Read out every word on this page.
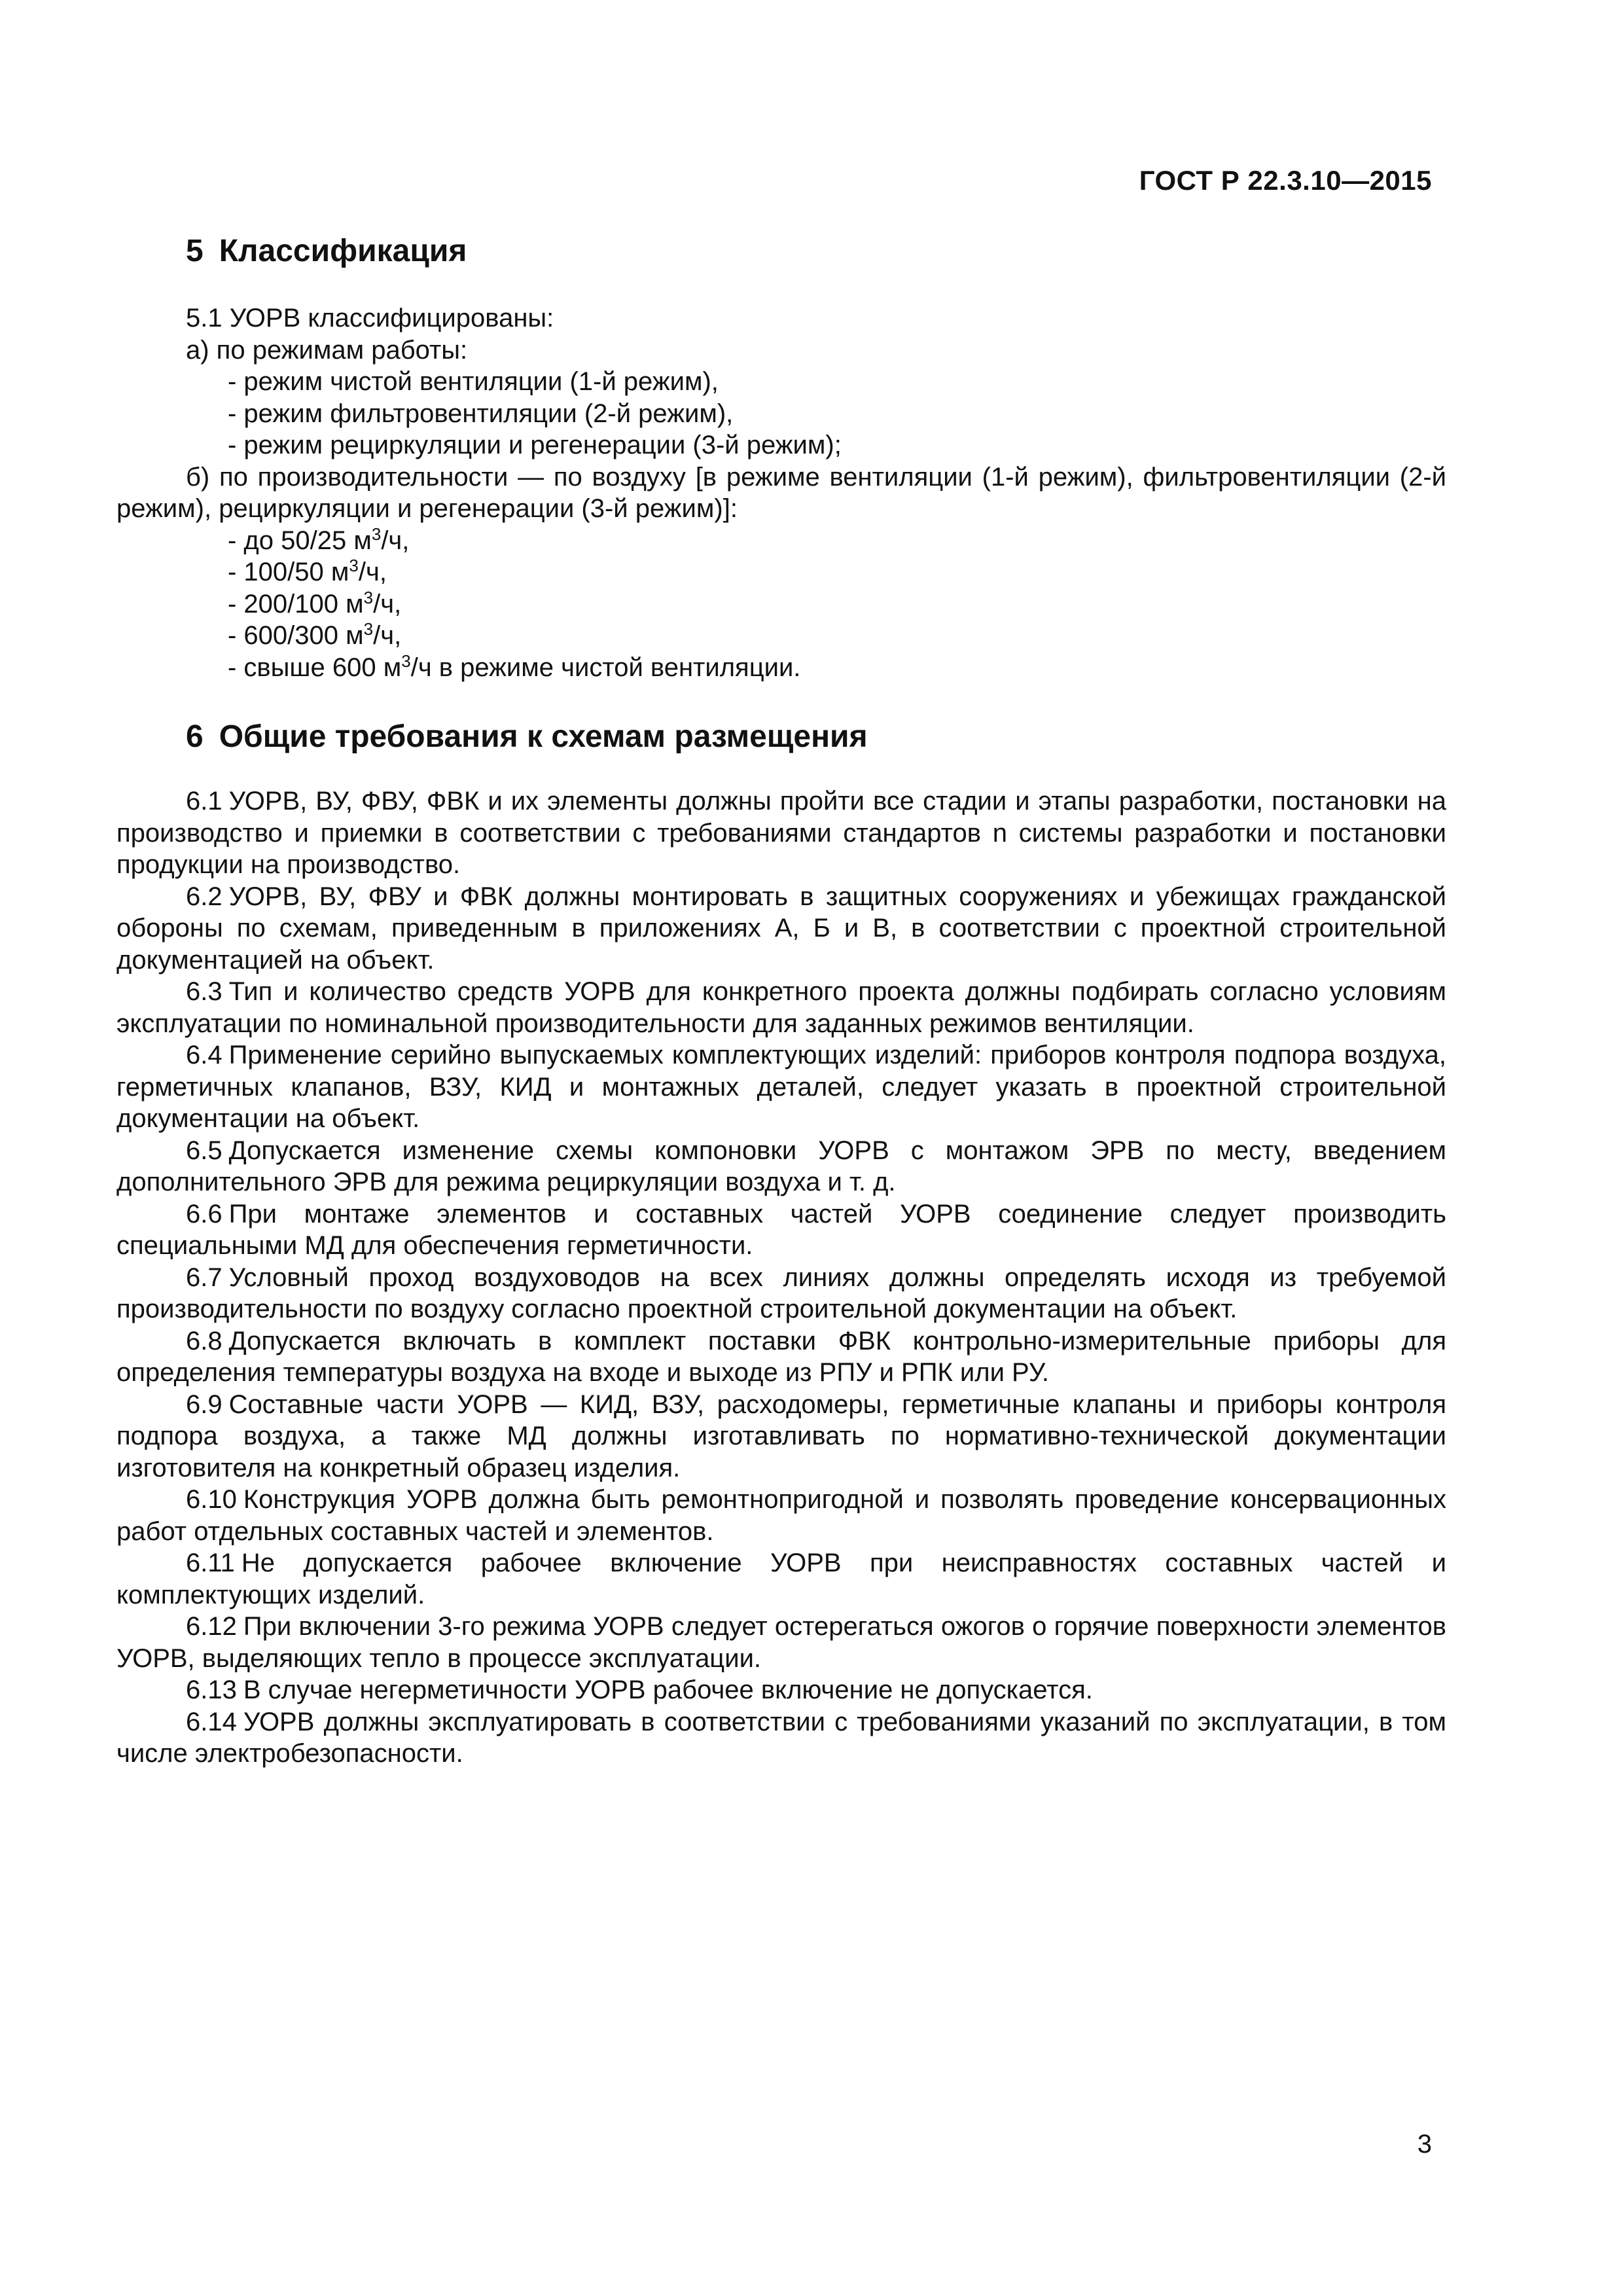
ГОСТ Р 22.3.10—2015
5 Классификация

5.1 УОРВ классифицированы:

а) по режимам работы:

- режим чистой вентиляции (1-й режим),

- режим фильтровентиляции (2-й режим),

- режим рециркуляции и регенерации (3-й режим);

б) по производительности — по воздуху [в режиме вентиляции (1-й режим), фильтровентиляции (2-й режим), рециркуляции и регенерации (3-й режим)]:

- до 50/25 $м^3/ч$,

- 100/50 $м^3/ч$,

- 200/100 $м^3/ч$,

- 600/300 $м^3/ч$,

- свыше 600 $м^3/ч$ в режиме чистой вентиляции.

6 Общие требования к схемам размещения

6.1 УОРВ, ВУ, ФВУ, ФВК и их элементы должны пройти все стадии и этапы разработки, постановки на производство и приемки в соответствии с требованиями стандартов n системы разработки и постановки продукции на производство.

6.2 УОРВ, ВУ, ФВУ и ФВК должны монтировать в защитных сооружениях и убежищах гражданской обороны по схемам, приведенным в приложениях А, Б и В, в соответствии с проектной строительной документацией на объект.

6.3 Тип и количество средств УОРВ для конкретного проекта должны подбирать согласно условиям эксплуатации по номинальной производительности для заданных режимов вентиляции.

6.4 Применение серийно выпускаемых комплектующих изделий: приборов контроля подпора воздуха, герметичных клапанов, ВЗУ, КИД и монтажных деталей, следует указать в проектной строительной документации на объект.

6.5 Допускается изменение схемы компоновки УОРВ с монтажом ЭРВ по месту, введением дополнительного ЭРВ для режима рециркуляции воздуха и т. д.

6.6 При монтаже элементов и составных частей УОРВ соединение следует производить специальными МД для обеспечения герметичности.

6.7 Условный проход воздуховодов на всех линиях должны определять исходя из требуемой производительности по воздуху согласно проектной строительной документации на объект.

6.8 Допускается включать в комплект поставки ФВК контрольно-измерительные приборы для определения температуры воздуха на входе и выходе из РПУ и РПК или РУ.

6.9 Составные части УОРВ — КИД, ВЗУ, расходомеры, герметичные клапаны и приборы контроля подпора воздуха, а также МД должны изготавливать по нормативно-технической документации изготовителя на конкретный образец изделия.

6.10 Конструкция УОРВ должна быть ремонтнопригодной и позволять проведение консервационных работ отдельных составных частей и элементов.

6.11 Не допускается рабочее включение УОРВ при неисправностях составных частей и комплектующих изделий.

6.12 При включении 3-го режима УОРВ следует остерегаться ожогов о горячие поверхности элементов УОРВ, выделяющих тепло в процессе эксплуатации.

6.13 В случае негерметичности УОРВ рабочее включение не допускается.

6.14 УОРВ должны эксплуатировать в соответствии с требованиями указаний по эксплуатации, в том числе электробезопасности.

3
